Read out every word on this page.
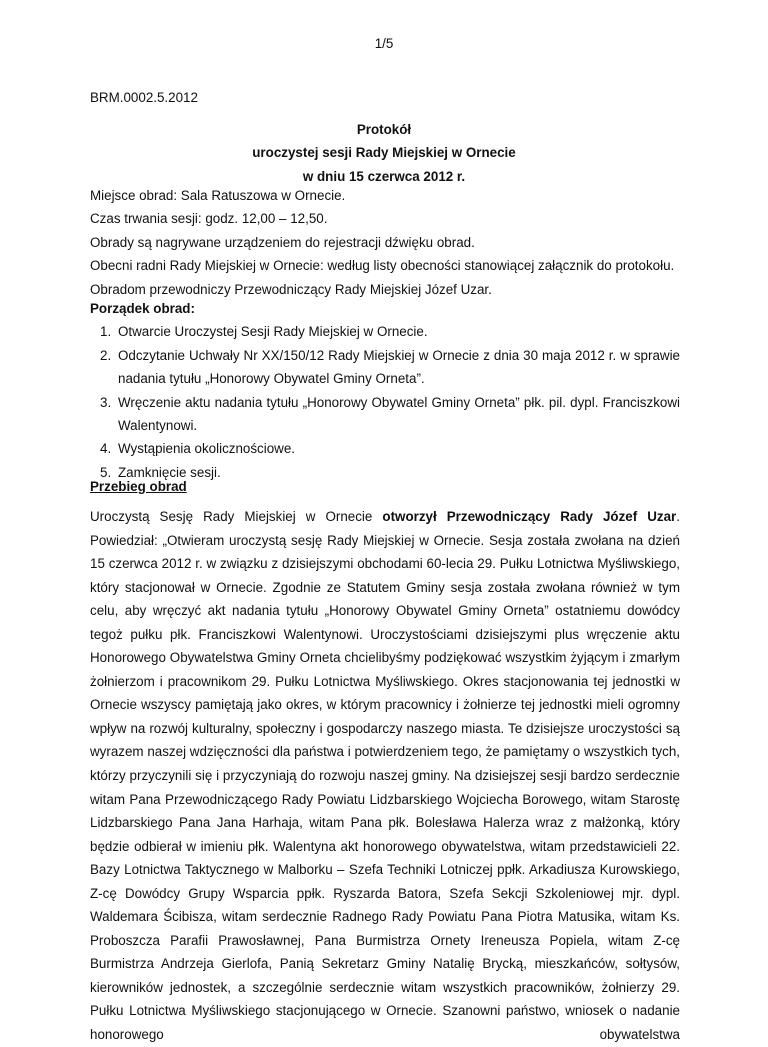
1/5
BRM.0002.5.2012
Protokół
uroczystej sesji Rady Miejskiej w Ornecie
w dniu 15 czerwca 2012 r.
Miejsce obrad: Sala Ratuszowa w Ornecie.
Czas trwania sesji: godz. 12,00 – 12,50.
Obrady są nagrywane urządzeniem do rejestracji dźwięku obrad.
Obecni radni Rady Miejskiej w Ornecie: według listy obecności stanowiącej załącznik do protokołu.
Obradom przewodniczy Przewodniczący Rady Miejskiej Józef Uzar.
Porządek obrad:
1. Otwarcie Uroczystej Sesji Rady Miejskiej w Ornecie.
2. Odczytanie Uchwały Nr XX/150/12 Rady Miejskiej w Ornecie z dnia 30 maja 2012 r. w sprawie nadania tytułu „Honorowy Obywatel Gminy Orneta”.
3. Wręczenie aktu nadania tytułu „Honorowy Obywatel Gminy Orneta” płk. pil. dypl. Franciszkowi Walentynowi.
4. Wystąpienia okolicznościowe.
5. Zamknięcie sesji.
Przebieg obrad

Uroczystą Sesję Rady Miejskiej w Ornecie otworzył Przewodniczący Rady Józef Uzar. Powiedział: „Otwieram uroczystą sesję Rady Miejskiej w Ornecie. Sesja została zwołana na dzień 15 czerwca 2012 r. w związku z dzisiejszymi obchodami 60-lecia 29. Pułku Lotnictwa Myśliwskiego, który stacjonował w Ornecie. Zgodnie ze Statutem Gminy sesja została zwołana również w tym celu, aby wręczyć akt nadania tytułu „Honorowy Obywatel Gminy Orneta” ostatniemu dowódcy tegoż pułku płk. Franciszkowi Walentynowi. Uroczystościami dzisiejszymi plus wręczenie aktu Honorowego Obywatelstwa Gminy Orneta chcielibyśmy podziękować wszystkim żyjącym i zmarłym żołnierzom i pracownikom 29. Pułku Lotnictwa Myśliwskiego. Okres stacjonowania tej jednostki w Ornecie wszyscy pamiętają jako okres, w którym pracownicy i żołnierze tej jednostki mieli ogromny wpływ na rozwój kulturalny, społeczny i gospodarczy naszego miasta. Te dzisiejsze uroczystości są wyrazem naszej wdzięczności dla państwa i potwierdzeniem tego, że pamiętamy o wszystkich tych, którzy przyczynili się i przyczyniają do rozwoju naszej gminy. Na dzisiejszej sesji bardzo serdecznie witam Pana Przewodniczącego Rady Powiatu Lidzbarskiego Wojciecha Borowego, witam Starostę Lidzbarskiego Pana Jana Harhaja, witam Pana płk. Bolesława Halerza wraz z małżonką, który będzie odbierał w imieniu płk. Walentyna akt honorowego obywatelstwa, witam przedstawicieli 22. Bazy Lotnictwa Taktycznego w Malborku – Szefa Techniki Lotniczej ppłk. Arkadiusza Kurowskiego, Z-cę Dowódcy Grupy Wsparcia ppłk. Ryszarda Batora, Szefa Sekcji Szkoleniowej mjr. dypl. Waldemara Ścibisza, witam serdecznie Radnego Rady Powiatu Pana Piotra Matusika, witam Ks. Proboszcza Parafii Prawosławnej, Pana Burmistrza Ornety Ireneusza Popiela, witam Z-cę Burmistrza Andrzeja Gierlofa, Panią Sekretarz Gminy Natalię Brycką, mieszkańców, sołtysów, kierowników jednostek, a szczególnie serdecznie witam wszystkich pracowników, żołnierzy 29. Pułku Lotnictwa Myśliwskiego stacjonującego w Ornecie. Szanowni państwo, wniosek o nadanie honorowego obywatelstwa
